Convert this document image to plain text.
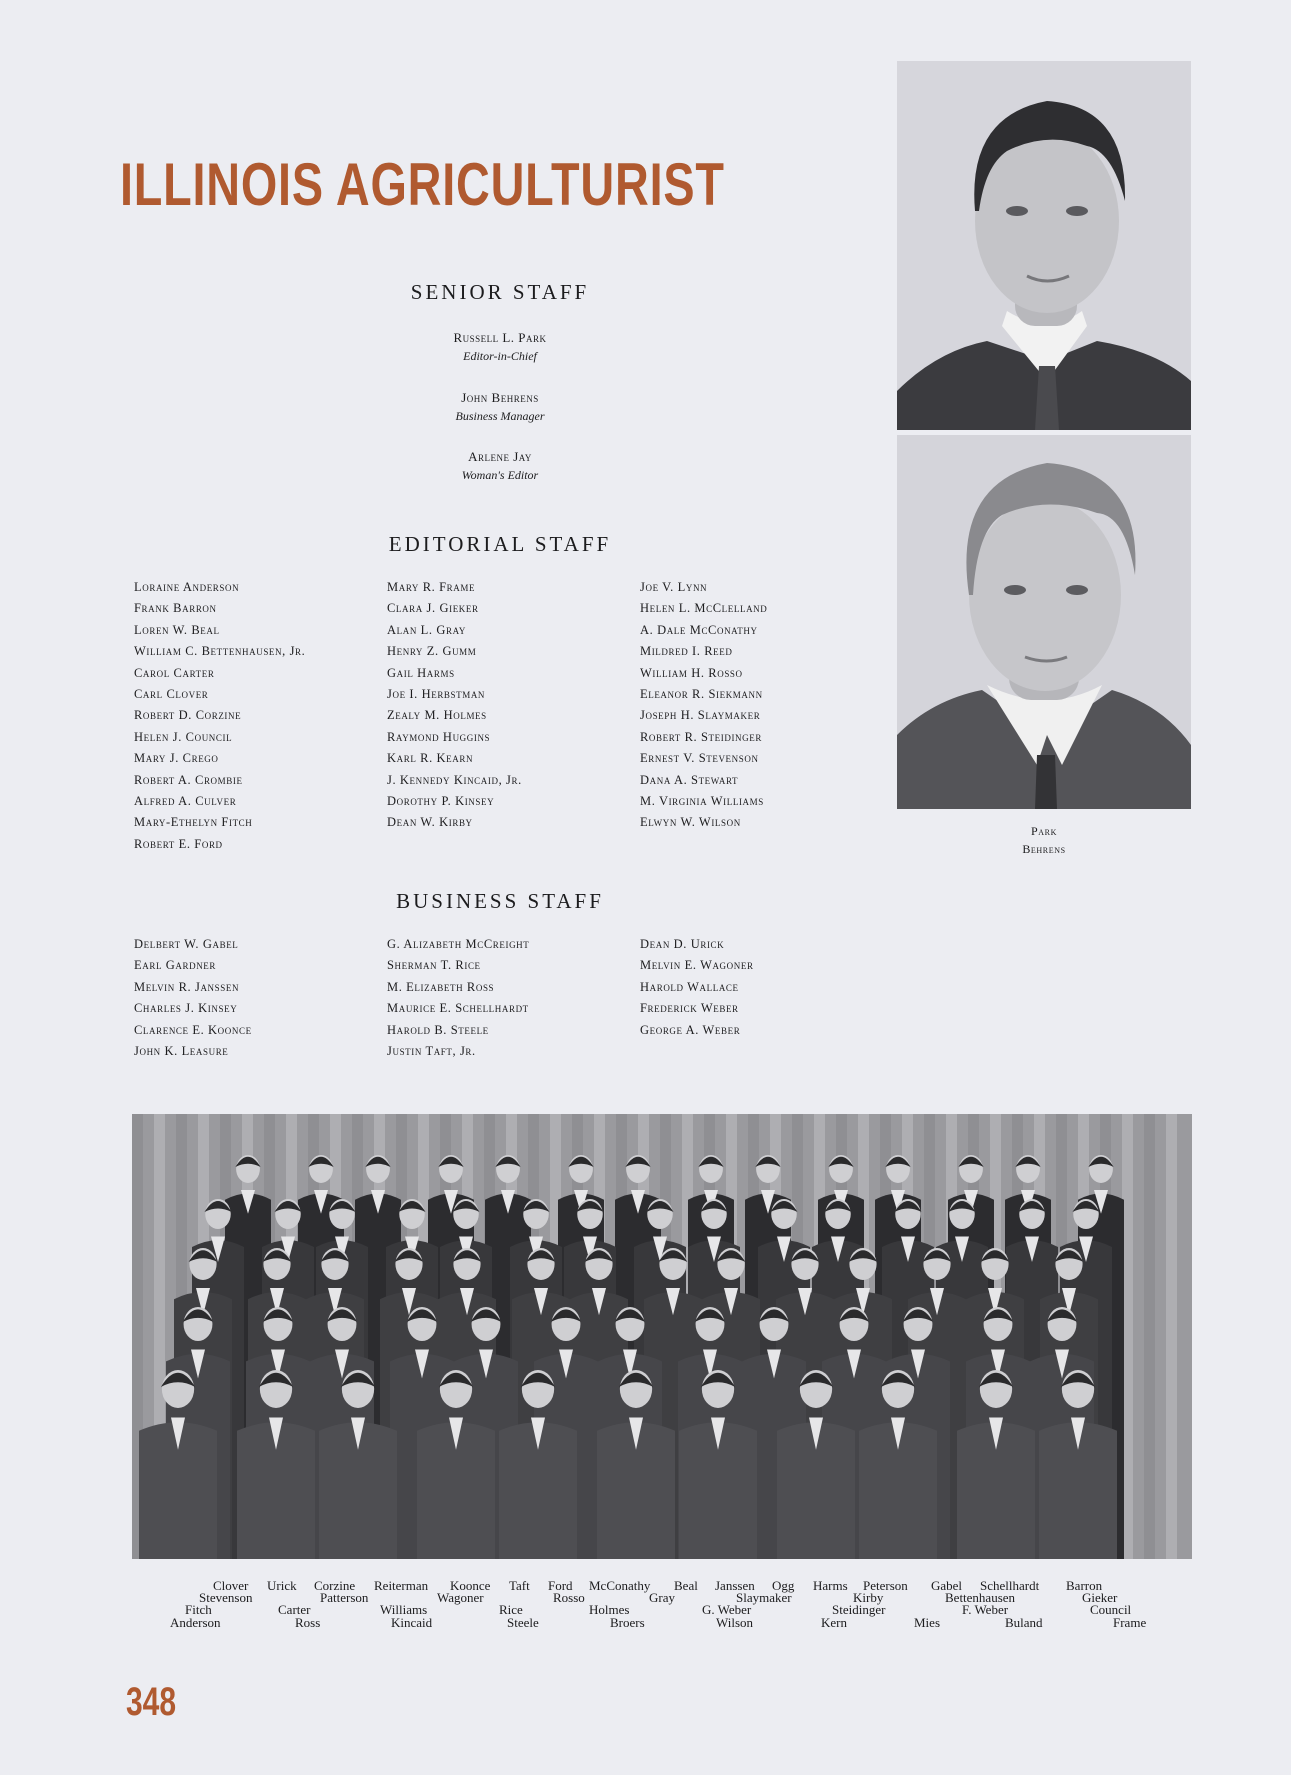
ILLINOIS AGRICULTURIST
SENIOR STAFF
Russell L. Park
Editor-in-Chief
John Behrens
Business Manager
Arlene Jay
Woman's Editor
EDITORIAL STAFF
Loraine Anderson
Frank Barron
Loren W. Beal
William C. Bettenhausen, Jr.
Carol Carter
Carl Clover
Robert D. Corzine
Helen J. Council
Mary J. Crego
Robert A. Crombie
Alfred A. Culver
Mary-Ethelyn Fitch
Robert E. Ford
Mary R. Frame
Clara J. Gieker
Alan L. Gray
Henry Z. Gumm
Gail Harms
Joe I. Herbstman
Zealy M. Holmes
Raymond Huggins
Karl R. Kearn
J. Kennedy Kincaid, Jr.
Dorothy P. Kinsey
Dean W. Kirby
Joe V. Lynn
Helen L. McClelland
A. Dale McConathy
Mildred I. Reed
William H. Rosso
Eleanor R. Siekmann
Joseph H. Slaymaker
Robert R. Steidinger
Ernest V. Stevenson
Dana A. Stewart
M. Virginia Williams
Elwyn W. Wilson
BUSINESS STAFF
Delbert W. Gabel
Earl Gardner
Melvin R. Janssen
Charles J. Kinsey
Clarence E. Koonce
John K. Leasure
G. Alizabeth McCreight
Sherman T. Rice
M. Elizabeth Ross
Maurice E. Schellhardt
Harold B. Steele
Justin Taft, Jr.
Dean D. Urick
Melvin E. Wagoner
Harold Wallace
Frederick Weber
George A. Weber
Park
Behrens
Clover Urick Corzine Reiterman Koonce Taft Ford McConathy Beal Janssen Ogg Harms Peterson Gabel Schellhardt Barron
Stevenson	Patterson	Wagoner	Rosso	Gray	Slaymaker	Kirby	Bettenhausen	Gieker
Fitch	Carter	Williams	Rice	Holmes	G. Weber	Steidinger	F. Weber	Council
Anderson	Ross	Kincaid	Steele	Broers	Wilson	Kern	Mies	Buland	Frame
348
